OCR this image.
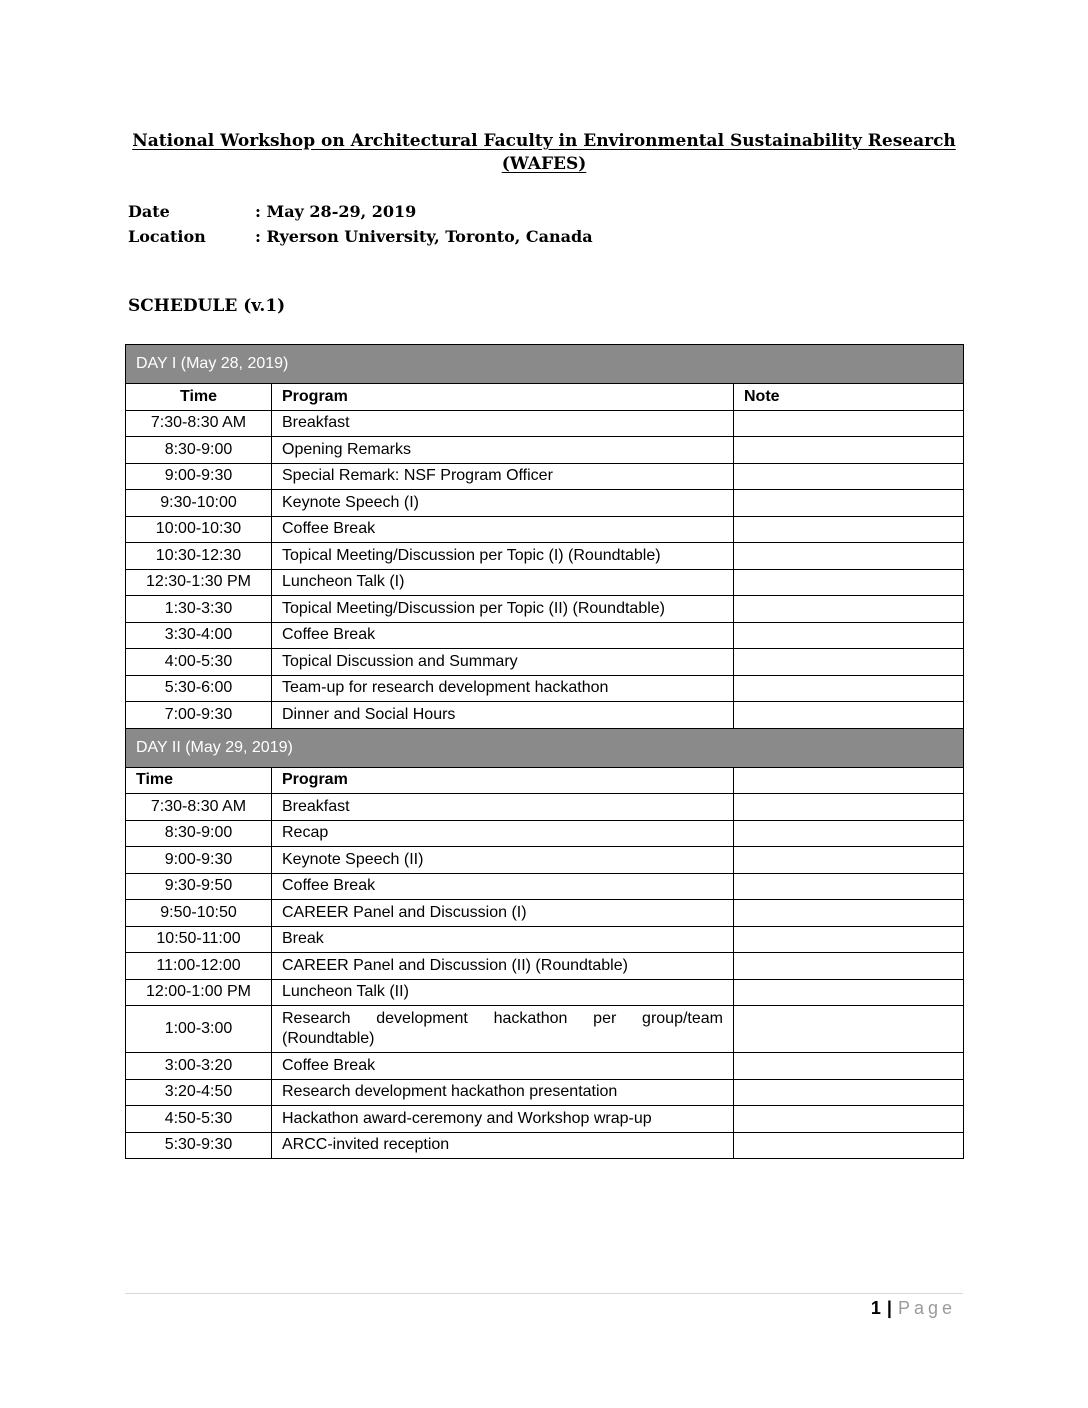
National Workshop on Architectural Faculty in Environmental Sustainability Research
(WAFES)
Date	: May 28-29, 2019
Location	: Ryerson University, Toronto, Canada
SCHEDULE (v.1)
DAY I (May 28, 2019)		
Time	Program	Note
7:30-8:30 AM	Breakfast	
8:30-9:00	Opening Remarks	
9:00-9:30	Special Remark: NSF Program Officer	
9:30-10:00	Keynote Speech (I)	
10:00-10:30	Coffee Break	
10:30-12:30	Topical Meeting/Discussion per Topic (I) (Roundtable)	
12:30-1:30 PM	Luncheon Talk (I)	
1:30-3:30	Topical Meeting/Discussion per Topic (II) (Roundtable)	
3:30-4:00	Coffee Break	
4:00-5:30	Topical Discussion and Summary	
5:30-6:00	Team-up for research development hackathon	
7:00-9:30	Dinner and Social Hours	
DAY II (May 29, 2019)		
Time	Program	
7:30-8:30 AM	Breakfast	
8:30-9:00	Recap	
9:00-9:30	Keynote Speech (II)	
9:30-9:50	Coffee Break	
9:50-10:50	CAREER Panel and Discussion (I)	
10:50-11:00	Break	
11:00-12:00	CAREER Panel and Discussion (II) (Roundtable)	
12:00-1:00 PM	Luncheon Talk (II)	
1:00-3:00	Research development hackathon per group/team (Roundtable)	
3:00-3:20	Coffee Break	
3:20-4:50	Research development hackathon presentation	
4:50-5:30	Hackathon award-ceremony and Workshop wrap-up	
5:30-9:30	ARCC-invited reception	
1 | Page
